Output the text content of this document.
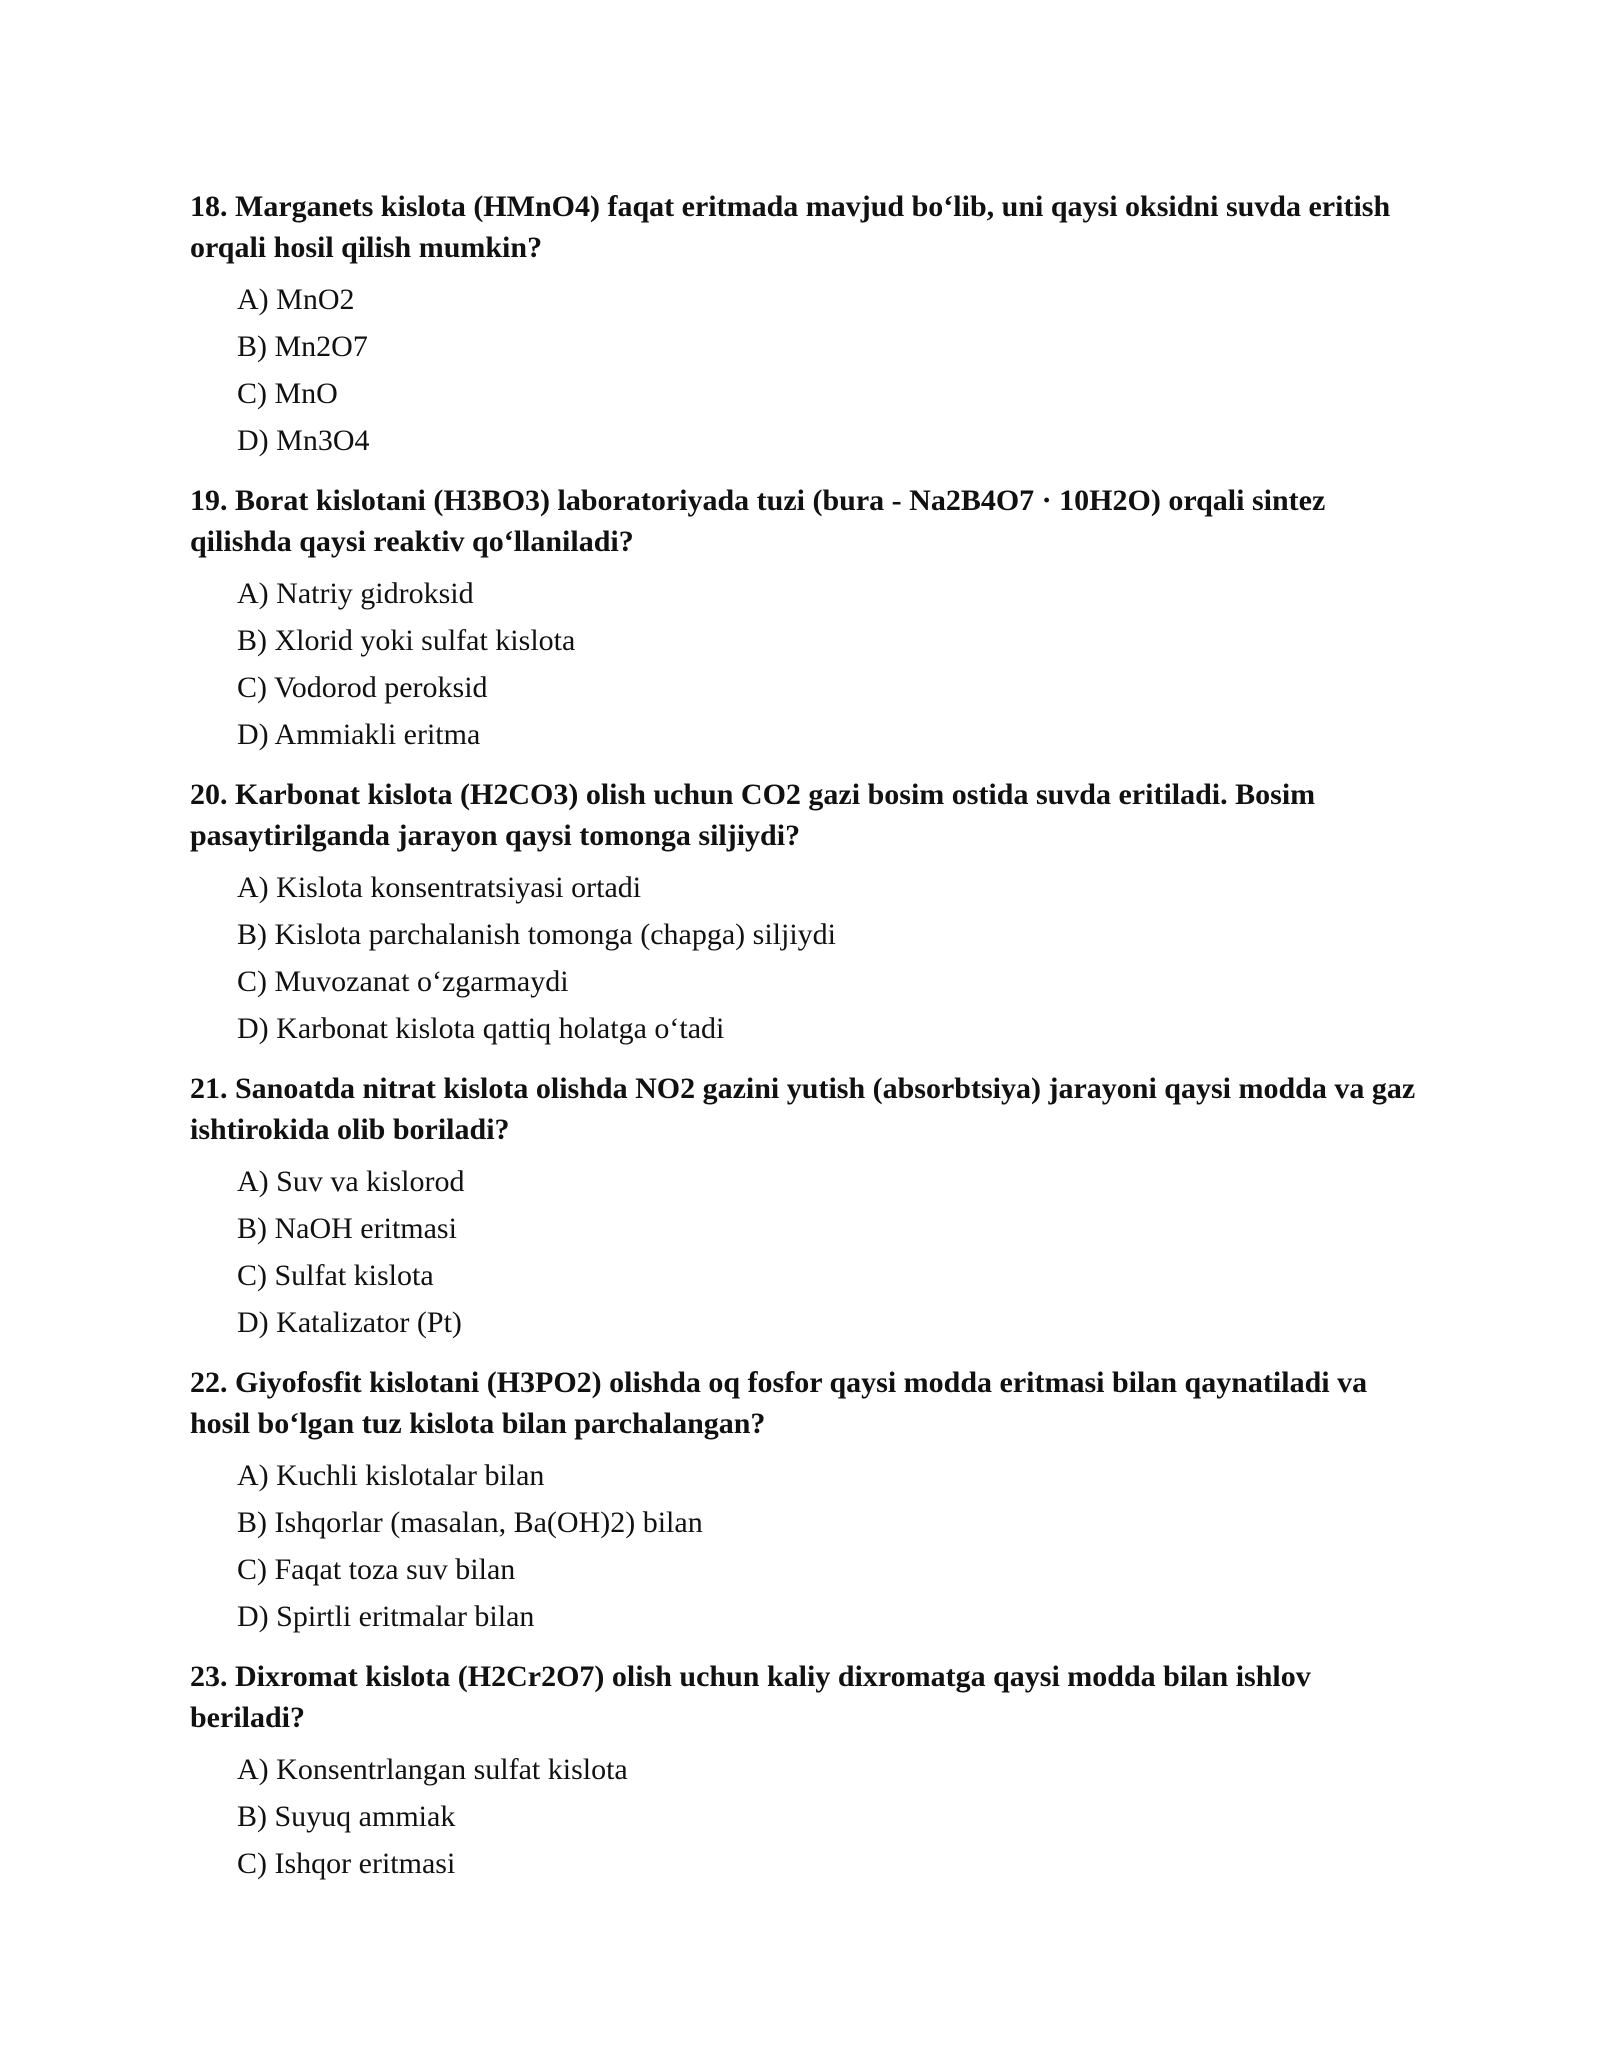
18. Marganets kislota (HMnO4) faqat eritmada mavjud bo‘lib, uni qaysi oksidni suvda eritish orqali hosil qilish mumkin?

A) MnO2
B) Mn2O7
C) MnO
D) Mn3O4

19. Borat kislotani (H3BO3) laboratoriyada tuzi (bura - Na2B4O7 · 10H2O) orqali sintez qilishda qaysi reaktiv qo‘llaniladi?

A) Natriy gidroksid
B) Xlorid yoki sulfat kislota
C) Vodorod peroksid
D) Ammiakli eritma

20. Karbonat kislota (H2CO3) olish uchun CO2 gazi bosim ostida suvda eritiladi. Bosim pasaytirilganda jarayon qaysi tomonga siljiydi?

A) Kislota konsentratsiyasi ortadi
B) Kislota parchalanish tomonga (chapga) siljiydi
C) Muvozanat o‘zgarmaydi
D) Karbonat kislota qattiq holatga o‘tadi

21. Sanoatda nitrat kislota olishda NO2 gazini yutish (absorbtsiya) jarayoni qaysi modda va gaz ishtirokida olib boriladi?

A) Suv va kislorod
B) NaOH eritmasi
C) Sulfat kislota
D) Katalizator (Pt)

22. Giyofosfit kislotani (H3PO2) olishda oq fosfor qaysi modda eritmasi bilan qaynatiladi va hosil bo‘lgan tuz kislota bilan parchalangan?

A) Kuchli kislotalar bilan
B) Ishqorlar (masalan, Ba(OH)2) bilan
C) Faqat toza suv bilan
D) Spirtli eritmalar bilan

23. Dixromat kislota (H2Cr2O7) olish uchun kaliy dixromatga qaysi modda bilan ishlov beriladi?

A) Konsentrlangan sulfat kislota
B) Suyuq ammiak
C) Ishqor eritmasi
